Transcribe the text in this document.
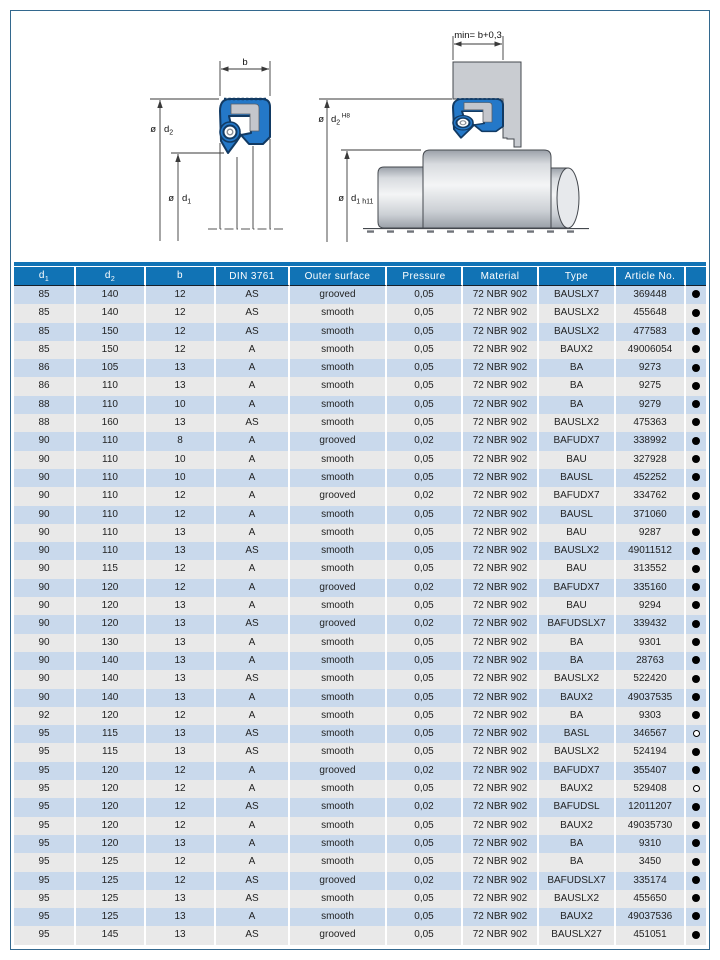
b
ø $d_2$
ø $d_1$
min= b+0,3
ø $d_2^{H8}$
ø $d_1$ h11
$d_1$	$d_2$	b	DIN 3761	Outer surface	Pressure	Material	Type	Article No.	
85	140	12	AS	grooved	0,05	72 NBR 902	BAUSLX7	369448	
85	140	12	AS	smooth	0,05	72 NBR 902	BAUSLX2	455648	
85	150	12	AS	smooth	0,05	72 NBR 902	BAUSLX2	477583	
85	150	12	A	smooth	0,05	72 NBR 902	BAUX2	49006054	
86	105	13	A	smooth	0,05	72 NBR 902	BA	9273	
86	110	13	A	smooth	0,05	72 NBR 902	BA	9275	
88	110	10	A	smooth	0,05	72 NBR 902	BA	9279	
88	160	13	AS	smooth	0,05	72 NBR 902	BAUSLX2	475363	
90	110	8	A	grooved	0,02	72 NBR 902	BAFUDX7	338992	
90	110	10	A	smooth	0,05	72 NBR 902	BAU	327928	
90	110	10	A	smooth	0,05	72 NBR 902	BAUSL	452252	
90	110	12	A	grooved	0,02	72 NBR 902	BAFUDX7	334762	
90	110	12	A	smooth	0,05	72 NBR 902	BAUSL	371060	
90	110	13	A	smooth	0,05	72 NBR 902	BAU	9287	
90	110	13	AS	smooth	0,05	72 NBR 902	BAUSLX2	49011512	
90	115	12	A	smooth	0,05	72 NBR 902	BAU	313552	
90	120	12	A	grooved	0,02	72 NBR 902	BAFUDX7	335160	
90	120	13	A	smooth	0,05	72 NBR 902	BAU	9294	
90	120	13	AS	grooved	0,02	72 NBR 902	BAFUDSLX7	339432	
90	130	13	A	smooth	0,05	72 NBR 902	BA	9301	
90	140	13	A	smooth	0,05	72 NBR 902	BA	28763	
90	140	13	AS	smooth	0,05	72 NBR 902	BAUSLX2	522420	
90	140	13	A	smooth	0,05	72 NBR 902	BAUX2	49037535	
92	120	12	A	smooth	0,05	72 NBR 902	BA	9303	
95	115	13	AS	smooth	0,05	72 NBR 902	BASL	346567	
95	115	13	AS	smooth	0,05	72 NBR 902	BAUSLX2	524194	
95	120	12	A	grooved	0,02	72 NBR 902	BAFUDX7	355407	
95	120	12	A	smooth	0,05	72 NBR 902	BAUX2	529408	
95	120	12	AS	smooth	0,02	72 NBR 902	BAFUDSL	12011207	
95	120	12	A	smooth	0,05	72 NBR 902	BAUX2	49035730	
95	120	13	A	smooth	0,05	72 NBR 902	BA	9310	
95	125	12	A	smooth	0,05	72 NBR 902	BA	3450	
95	125	12	AS	grooved	0,02	72 NBR 902	BAFUDSLX7	335174	
95	125	13	AS	smooth	0,05	72 NBR 902	BAUSLX2	455650	
95	125	13	A	smooth	0,05	72 NBR 902	BAUX2	49037536	
95	145	13	AS	grooved	0,05	72 NBR 902	BAUSLX27	451051	
